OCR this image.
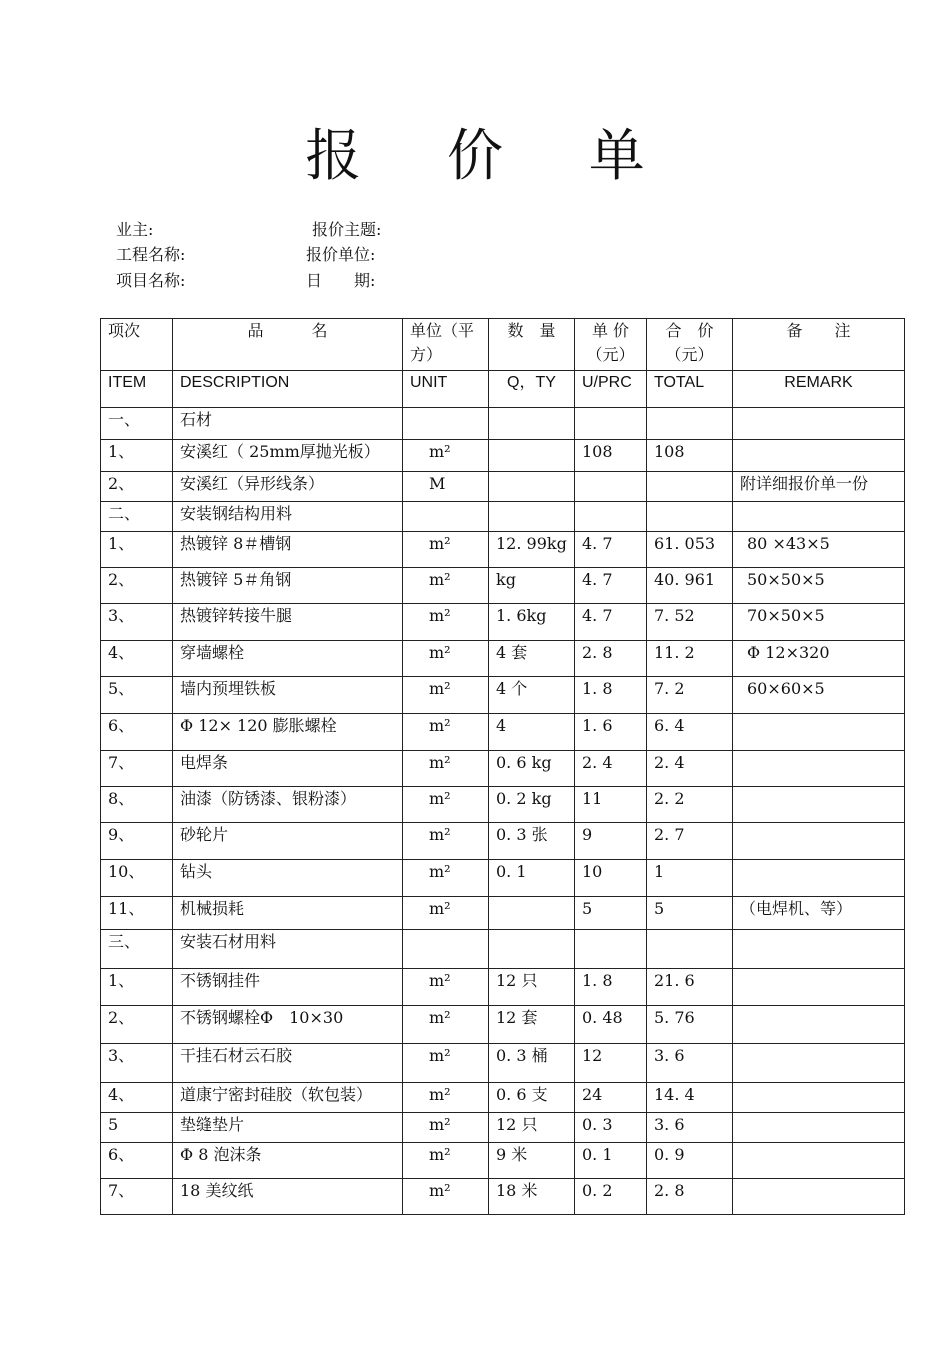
报 价 单
业主:	报价主题:
工程名称:	报价单位:
项目名称:	日　　期:
项次	品　　　名	单位（平方）	数　量	单 价（元）	合　价（元）	备　　注
ITEM	DESCRIPTION	UNIT	Q，TY	U/PRC	TOTAL	REMARK
一、	石材					
1、	安溪红（ 25mm厚抛光板）	m²		108	108	
2、	安溪红（异形线条）	M				附详细报价单一份
二、	安装钢结构用料					
1、	热镀锌 8＃槽钢	m²	12. 99kg	4. 7	61. 053	80 ×43×5
2、	热镀锌 5＃角钢	m²	kg	4. 7	40. 961	50×50×5
3、	热镀锌转接牛腿	m²	1. 6kg	4. 7	7. 52	70×50×5
4、	穿墙螺栓	m²	4 套	2. 8	11. 2	Φ 12×320
5、	墙内预埋铁板	m²	4 个	1. 8	7. 2	60×60×5
6、	Φ 12× 120 膨胀螺栓	m²	4	1. 6	6. 4	
7、	电焊条	m²	0. 6 kg	2. 4	2. 4	
8、	油漆（防锈漆、银粉漆）	m²	0. 2 kg	11	2. 2	
9、	砂轮片	m²	0. 3 张	9	2. 7	
10、	钻头	m²	0. 1	10	1	
11、	机械损耗	m²		5	5	（电焊机、等）
三、	安装石材用料					
1、	不锈钢挂件	m²	12 只	1. 8	21. 6	
2、	不锈钢螺栓Φ　10×30	m²	12 套	0. 48	5. 76	
3、	干挂石材云石胶	m²	0. 3 桶	12	3. 6	
4、	道康宁密封硅胶（软包装）	m²	0. 6 支	24	14. 4	
5	垫缝垫片	m²	12 只	0. 3	3. 6	
6、	Φ 8 泡沫条	m²	9 米	0. 1	0. 9	
7、	18 美纹纸	m²	18 米	0. 2	2. 8	
